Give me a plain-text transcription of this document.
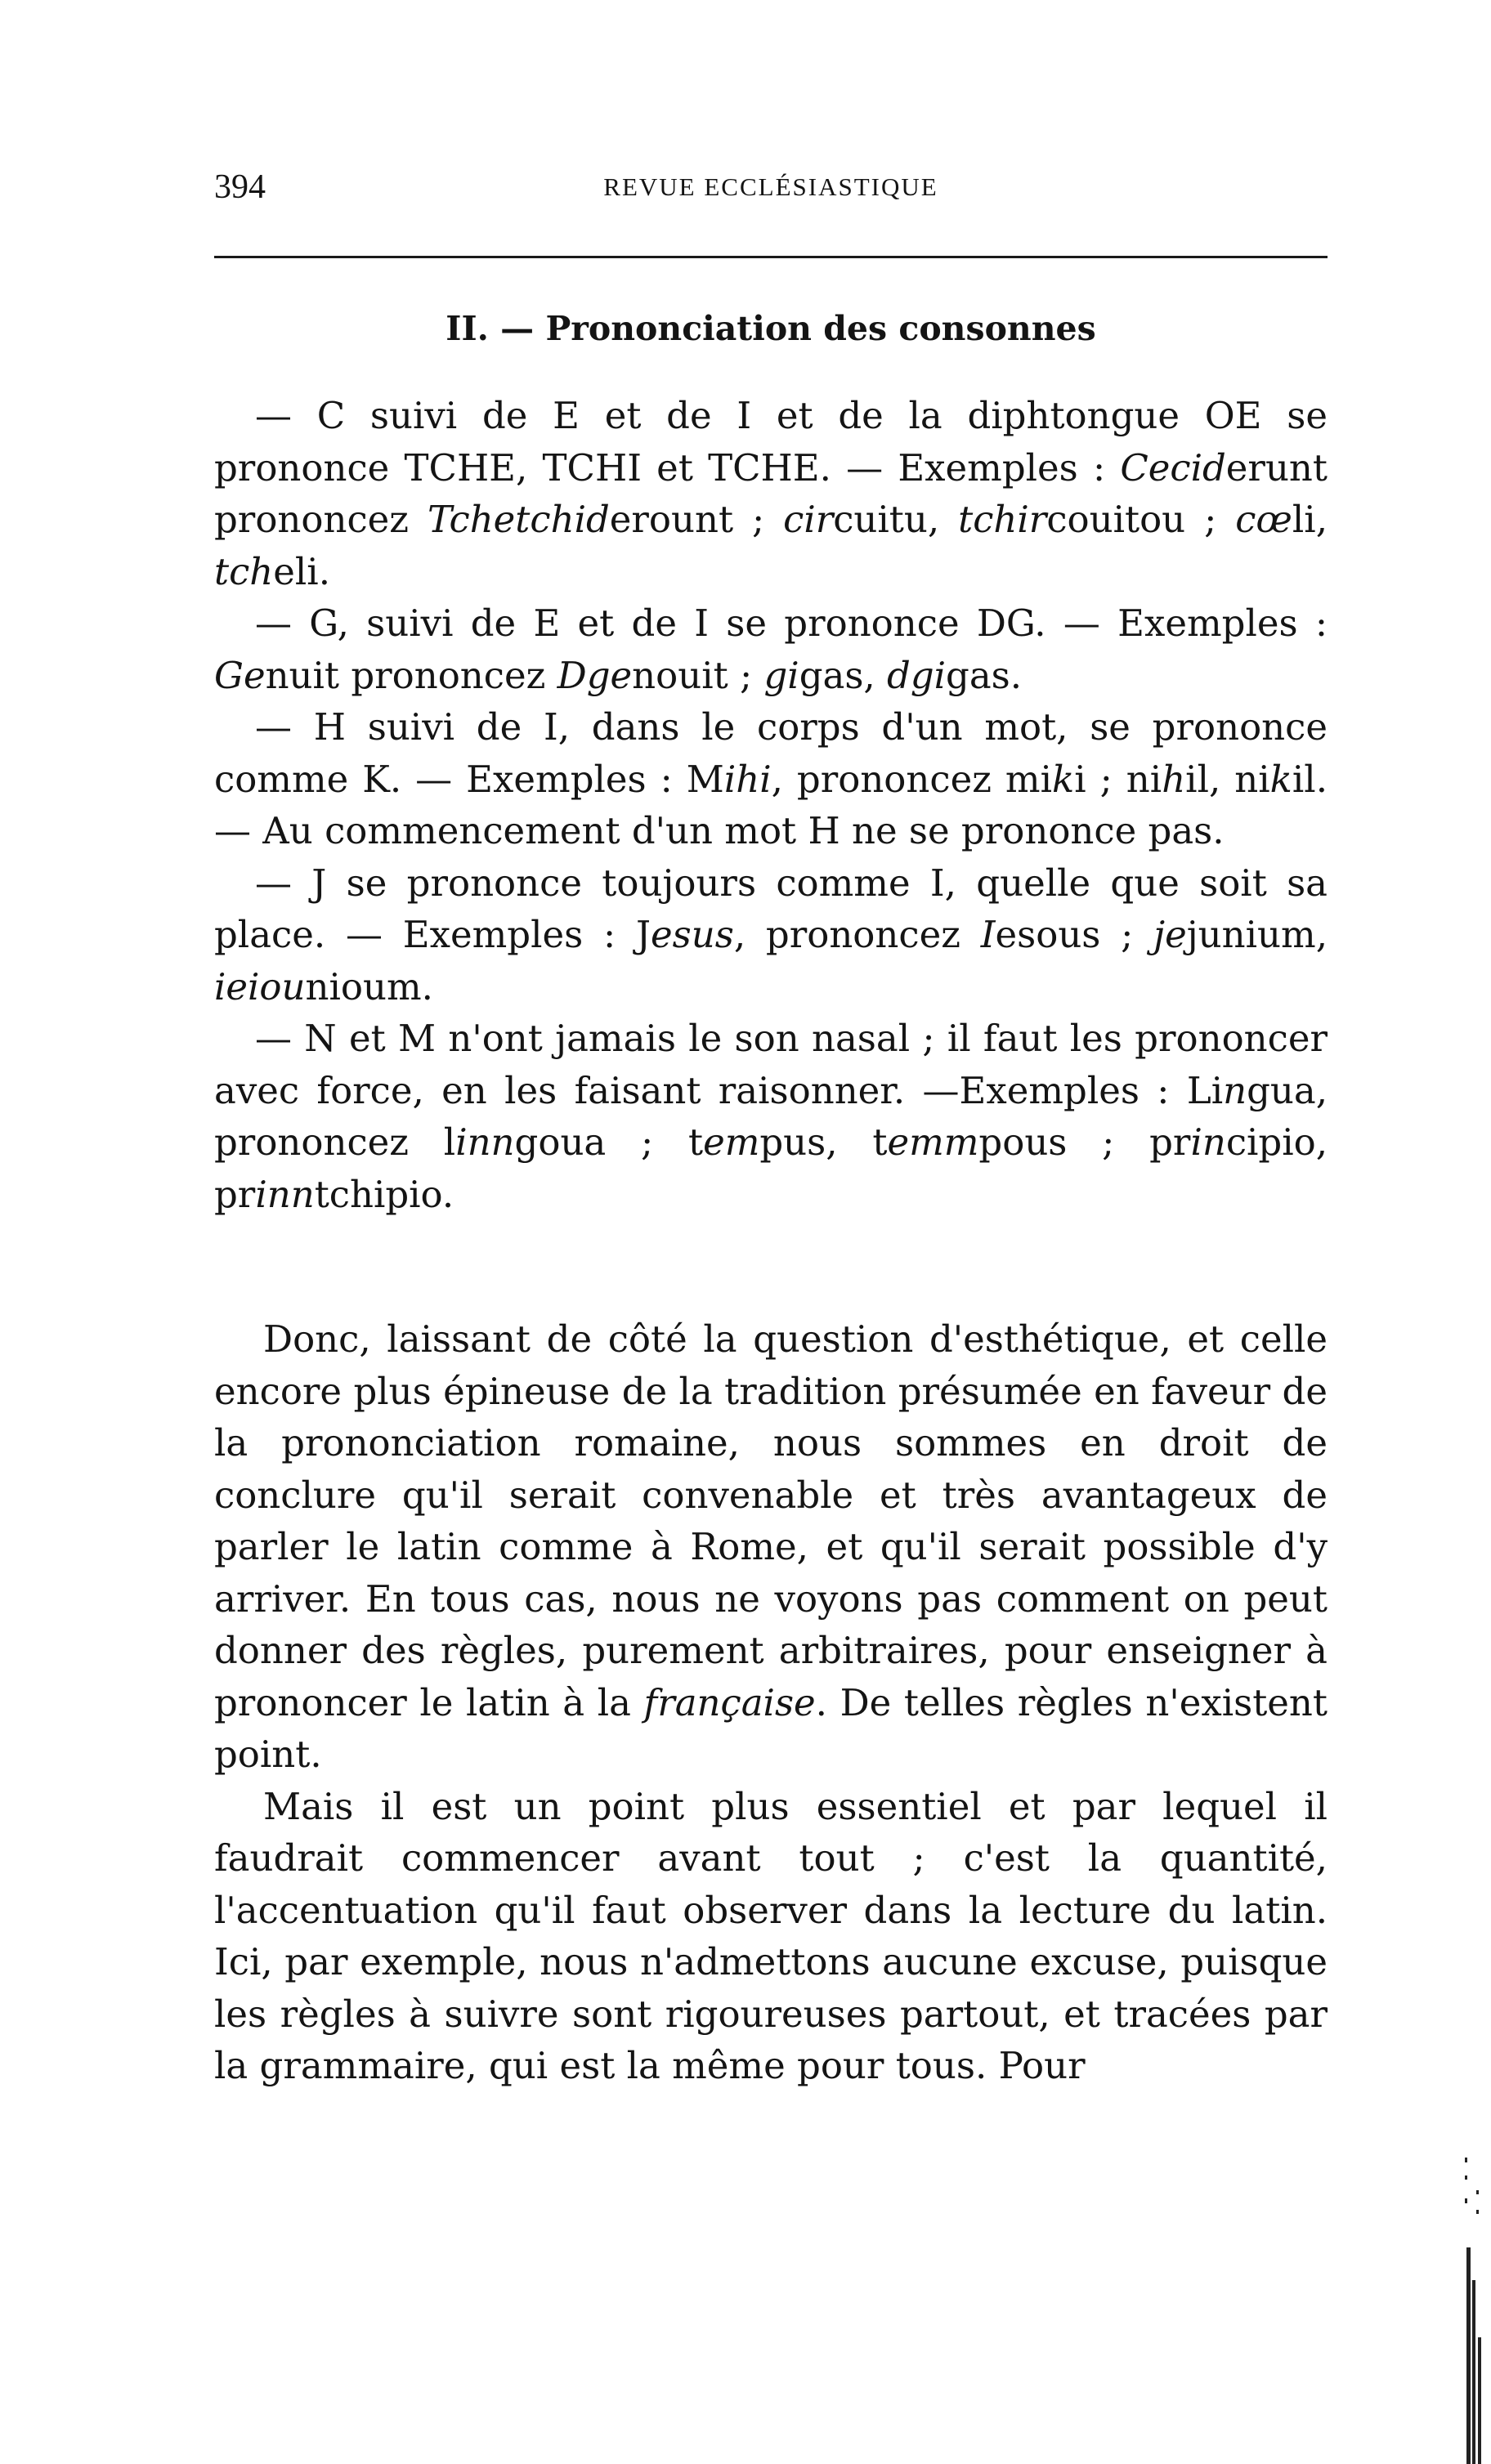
394	REVUE ECCLÉSIASTIQUE
II. — Prononciation des consonnes

— C suivi de E et de I et de la diphtongue OE se prononce TCHE, TCHI et TCHE. — Exemples : Ceciderunt prononcez Tchetchiderount ; circuitu, tchircouitou ; cœli, tcheli.

— G, suivi de E et de I se prononce DG. — Exemples : Genuit prononcez Dgenouit ; gigas, dgigas.

— H suivi de I, dans le corps d'un mot, se prononce comme K. — Exemples : Mihi, prononcez miki ; nihil, nikil. — Au commencement d'un mot H ne se prononce pas.

— J se prononce toujours comme I, quelle que soit sa place. — Exemples : Jesus, prononcez Iesous ; jejunium, ieiounioum.

— N et M n'ont jamais le son nasal ; il faut les prononcer avec force, en les faisant raisonner. —Exemples : Lingua, prononcez linngoua ; tempus, temmpous ; principio, prinntchipio.

Donc, laissant de côté la question d'esthétique, et celle encore plus épineuse de la tradition présumée en faveur de la prononciation romaine, nous sommes en droit de conclure qu'il serait convenable et très avantageux de parler le latin comme à Rome, et qu'il serait possible d'y arriver. En tous cas, nous ne voyons pas comment on peut donner des règles, purement arbitraires, pour enseigner à prononcer le latin à la française. De telles règles n'existent point.

Mais il est un point plus essentiel et par lequel il faudrait commencer avant tout ; c'est la quantité, l'accentuation qu'il faut observer dans la lecture du latin. Ici, par exemple, nous n'admettons aucune excuse, puisque les règles à suivre sont rigoureuses partout, et tracées par la grammaire, qui est la même pour tous. Pour
